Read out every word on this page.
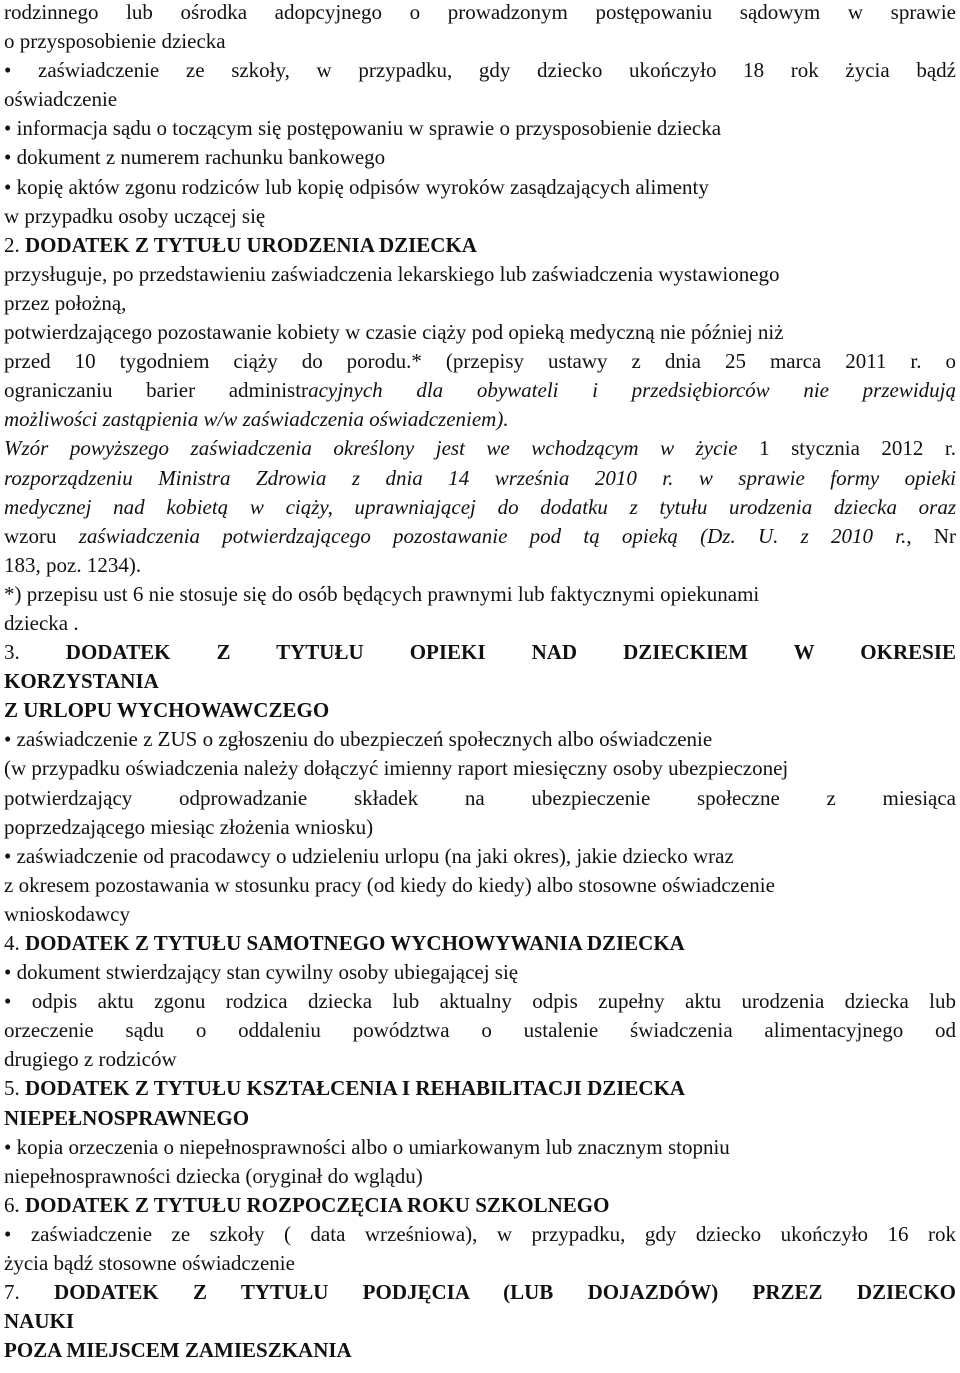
rodzinnego lub ośrodka adopcyjnego o prowadzonym postępowaniu sądowym w sprawie
o przysposobienie dziecka
• zaświadczenie ze szkoły, w przypadku, gdy dziecko ukończyło 18 rok życia bądź
oświadczenie
• informacja sądu o toczącym się postępowaniu w sprawie o przysposobienie dziecka
• dokument z numerem rachunku bankowego
• kopię aktów zgonu rodziców lub kopię odpisów wyroków zasądzających alimenty
w przypadku osoby uczącej się
2. DODATEK Z TYTUŁU URODZENIA DZIECKA
przysługuje, po przedstawieniu zaświadczenia lekarskiego lub zaświadczenia wystawionego
przez położną,
potwierdzającego pozostawanie kobiety w czasie ciąży pod opieką medyczną nie później niż
przed 10 tygodniem ciąży do porodu.* (przepisy ustawy z dnia 25 marca 2011 r. o
ograniczaniu barier administracyjnych dla obywateli i przedsiębiorców nie przewidują
możliwości zastąpienia w/w zaświadczenia oświadczeniem).
Wzór powyższego zaświadczenia określony jest we wchodzącym w życie 1 stycznia 2012 r.
rozporządzeniu Ministra Zdrowia z dnia 14 września 2010 r. w sprawie formy opieki
medycznej nad kobietą w ciąży, uprawniającej do dodatku z tytułu urodzenia dziecka oraz
wzoru zaświadczenia potwierdzającego pozostawanie pod tą opieką (Dz. U. z 2010 r., Nr
183, poz. 1234).
*) przepisu ust 6 nie stosuje się do osób będących prawnymi lub faktycznymi opiekunami
dziecka .
3. DODATEK Z TYTUŁU OPIEKI NAD DZIECKIEM W OKRESIE
KORZYSTANIA
Z URLOPU WYCHOWAWCZEGO
• zaświadczenie z ZUS o zgłoszeniu do ubezpieczeń społecznych albo oświadczenie
(w przypadku oświadczenia należy dołączyć imienny raport miesięczny osoby ubezpieczonej
potwierdzający odprowadzanie składek na ubezpieczenie społeczne z miesiąca
poprzedzającego miesiąc złożenia wniosku)
• zaświadczenie od pracodawcy o udzieleniu urlopu (na jaki okres), jakie dziecko wraz
z okresem pozostawania w stosunku pracy (od kiedy do kiedy) albo stosowne oświadczenie
wnioskodawcy
4. DODATEK Z TYTUŁU SAMOTNEGO WYCHOWYWANIA DZIECKA
• dokument stwierdzający stan cywilny osoby ubiegającej się
• odpis aktu zgonu rodzica dziecka lub aktualny odpis zupełny aktu urodzenia dziecka lub
orzeczenie sądu o oddaleniu powództwa o ustalenie świadczenia alimentacyjnego od
drugiego z rodziców
5. DODATEK Z TYTUŁU KSZTAŁCENIA I REHABILITACJI DZIECKA
NIEPEŁNOSPRAWNEGO
• kopia orzeczenia o niepełnosprawności albo o umiarkowanym lub znacznym stopniu
niepełnosprawności dziecka (oryginał do wglądu)
6. DODATEK Z TYTUŁU ROZPOCZĘCIA ROKU SZKOLNEGO
• zaświadczenie ze szkoły ( data wrześniowa), w przypadku, gdy dziecko ukończyło 16 rok
życia bądź stosowne oświadczenie
7. DODATEK Z TYTUŁU PODJĘCIA (LUB DOJAZDÓW) PRZEZ DZIECKO
NAUKI
POZA MIEJSCEM ZAMIESZKANIA
